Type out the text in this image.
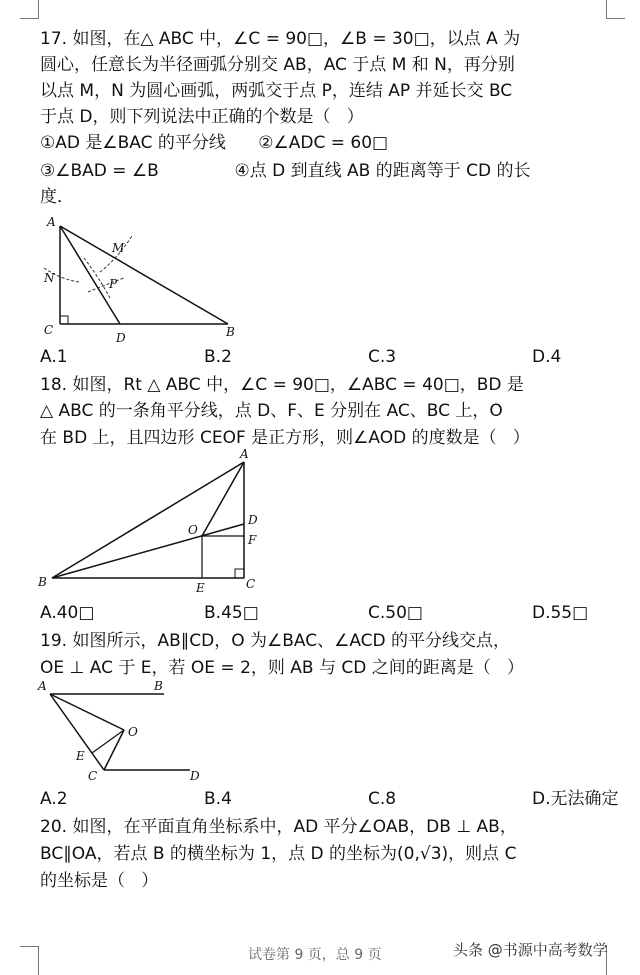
17. 如图，在△ ABC 中，∠C = 90□，∠B = 30□，以点 A 为
圆心，任意长为半径画弧分别交 AB，AC 于点 M 和 N，再分别
以点 M，N 为圆心画弧，两弧交于点 P，连结 AP 并延长交 BC
于点 D，则下列说法中正确的个数是（   ）
①AD 是∠BAC 的平分线      ②∠ADC = 60□
③∠BAD = ∠B              ④点 D 到直线 AB 的距离等于 CD 的长
度．
A
M
N	P
C
D	B
A.1	B.2	C.3	D.4
18. 如图，Rt △ ABC 中，∠C = 90□，∠ABC = 40□，BD 是
△ ABC 的一条角平分线，点 D、F、E 分别在 AC、BC 上，O
在 BD 上，且四边形 CEOF 是正方形，则∠AOD 的度数是（   ）
A
D
O
F
B	E	C
A.40□	B.45□	C.50□	D.55□
19. 如图所示，AB∥CD，O 为∠BAC、∠ACD 的平分线交点，
OE ⊥ AC 于 E，若 OE = 2，则 AB 与 CD 之间的距离是（   ）
A	B
O
E
C	D
A.2	B.4	C.8	D.无法确定
20. 如图，在平面直角坐标系中，AD 平分∠OAB，DB ⊥ AB，
BC∥OA，若点 B 的横坐标为 1，点 D 的坐标为(0,√3)，则点 C
的坐标是（   ）
试卷第 9 页，总 9 页	头条 @书源中高考数学
